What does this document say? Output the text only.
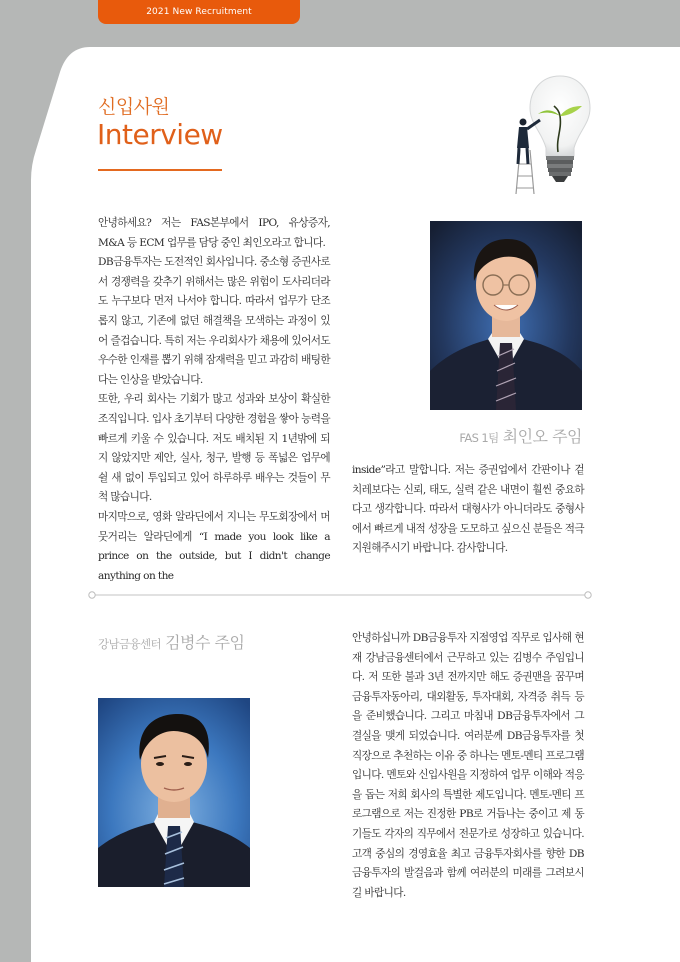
2021 New Recruitment
신입사원
Interview

안녕하세요? 저는 FAS본부에서 IPO, 유상증자, M&A 등 ECM 업무를 담당 중인 최인오라고 합니다.

DB금융투자는 도전적인 회사입니다. 중소형 증권사로서 경쟁력을 갖추기 위해서는 많은 위험이 도사리더라도 누구보다 먼저 나서야 합니다. 따라서 업무가 단조롭지 않고, 기존에 없던 해결책을 모색하는 과정이 있어 즐겁습니다. 특히 저는 우리회사가 채용에 있어서도 우수한 인재를 뽑기 위해 잠재력을 믿고 과감히 배팅한다는 인상을 받았습니다.

또한, 우리 회사는 기회가 많고 성과와 보상이 확실한 조직입니다. 입사 초기부터 다양한 경험을 쌓아 능력을 빠르게 키울 수 있습니다. 저도 배치된 지 1년밖에 되지 않았지만 제안, 실사, 청구, 발행 등 폭넓은 업무에 쉴 새 없이 투입되고 있어 하루하루 배우는 것들이 무척 많습니다.

마지막으로, 영화 알라딘에서 지니는 무도회장에서 머뭇거리는 알라딘에게 “I made you look like a prince on the outside, but I didn't change anything on the

FAS 1팀 최인오 주임

inside”라고 말합니다. 저는 증권업에서 간판이나 겉치레보다는 신뢰, 태도, 실력 같은 내면이 훨씬 중요하다고 생각합니다. 따라서 대형사가 아니더라도 중형사에서 빠르게 내적 성장을 도모하고 싶으신 분들은 적극 지원해주시기 바랍니다. 감사합니다.

강남금융센터 김병수 주임	안녕하십니까 DB금융투자 지점영업 직무로 입사해 현재 강남금융센터에서 근무하고 있는 김병수 주임입니다. 저 또한 불과 3년 전까지만 해도 증권맨을 꿈꾸며 금융투자동아리, 대외활동, 투자대회, 자격증 취득 등을 준비했습니다. 그리고 마침내 DB금융투자에서 그 결실을 맺게 되었습니다. 여러분께 DB금융투자를 첫 직장으로 추천하는 이유 중 하나는 멘토-멘티 프로그램입니다. 멘토와 신입사원을 지정하여 업무 이해와 적응을 돕는 저희 회사의 특별한 제도입니다. 멘토-멘티 프로그램으로 저는 진정한 PB로 거듭나는 중이고 제 동기들도 각자의 직무에서 전문가로 성장하고 있습니다. 고객 중심의 경영효율 최고 금융투자회사를 향한 DB금융투자의 발걸음과 함께 여러분의 미래를 그려보시길 바랍니다.
